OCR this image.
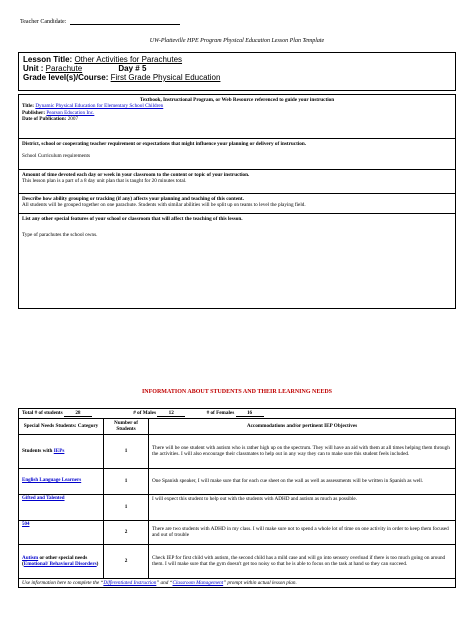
Teacher Candidate:
UW-Platteville HPE Program Physical Education Lesson Plan Template
Lesson Title: Other Activities for Parachutes
Unit : Parachute	Day # 5
Grade level(s)/Course: First Grade Physical Education
Textbook, Instructional Program, or Web Resource referenced to guide your instruction
Title: Dynamic Physical Education for Elementary School Children
Publisher: Pearson Education Inc.
Date of Publication: 2007
District, school or cooperating teacher requirement or expectations that might influence your planning or delivery of instruction.
School Curriculum requirements
Amount of time devoted each day or week in your classroom to the content or topic of your instruction.
This lesson plan is a part of a 8 day unit plan that is taught for 20 minutes total.
Describe how ability grouping or tracking (if any) affects your planning and teaching of this content.
All students will be grouped together on one parachute. Students with similar abilities will be split up on teams to level the playing field.
List any other special features of your school or classroom that will affect the teaching of this lesson.
Type of parachutes the school owns.
INFORMATION ABOUT STUDENTS AND THEIR LEARNING NEEDS
Total # of students 28 # of Males 12 # of Females 16		
Special Needs Students: Category	Number of Students	Accommodations and/or pertinent IEP Objectives
Students with IEPs	1	There will be one student with autism who is rather high up on the spectrum. They will have an aid with them at all times helping them through the activities. I will also encourage their classmates to help out in any way they can to make sure this student feels included.
English Language Learners	1	One Spanish speaker, I will make sure that for each cue sheet on the wall as well as assessments will be written in Spanish as well.
Gifted and Talented	1	I will expect this student to help out with the students with ADHD and autism as much as possible.
504	2	There are two students with ADHD in my class. I will make sure not to spend a whole lot of time on one activity in order to keep them focused and out of trouble
Autism or other special needs (Emotional/ Behavioral Disorders)	2	Check IEP for first child with autism, the second child has a mild case and will go into sensory overload if there is too much going on around them. I will make sure that the gym doesn't get too noisy so that he is able to focus on the task at hand so they can succeed.
Use information here to complete the “Differentiated Instruction” and “Classroom Management” prompt within actual lesson plan.		
